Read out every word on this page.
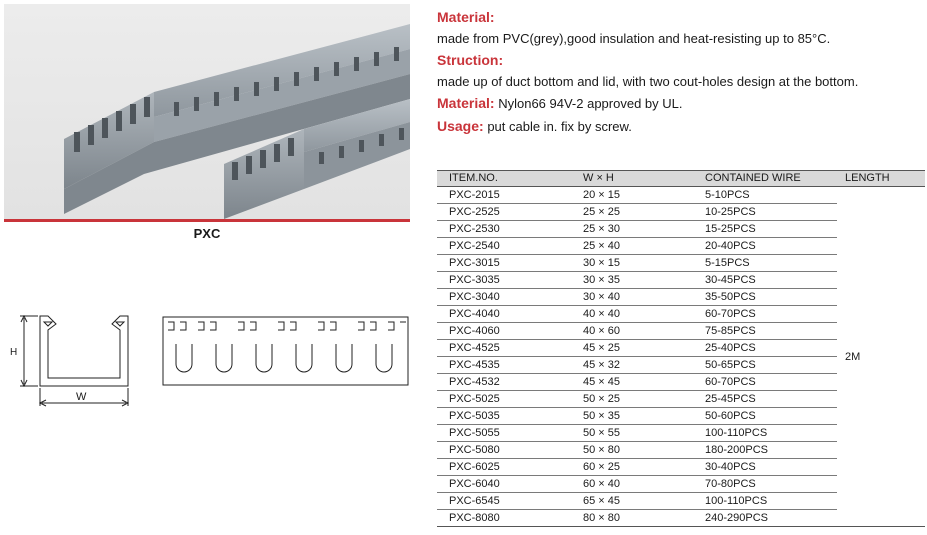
PXC
H
W
Material:
made from PVC(grey),good insulation and heat-resisting up to 85°C.
Struction:
made up of duct bottom and lid, with two cout-holes design at the bottom.
Material: Nylon66 94V-2 approved by UL.
Usage: put cable in. fix by screw.
ITEM.NO.	W × H	CONTAINED WIRE	LENGTH
PXC-2015	20 × 15	5-10PCS
PXC-2525	25 × 25	10-25PCS
PXC-2530	25 × 30	15-25PCS
PXC-2540	25 × 40	20-40PCS
PXC-3015	30 × 15	5-15PCS
PXC-3035	30 × 35	30-45PCS
PXC-3040	30 × 40	35-50PCS
PXC-4040	40 × 40	60-70PCS
PXC-4060	40 × 60	75-85PCS
PXC-4525	45 × 25	25-40PCS
PXC-4535	45 × 32	50-65PCS
PXC-4532	45 × 45	60-70PCS
PXC-5025	50 × 25	25-45PCS
PXC-5035	50 × 35	50-60PCS
PXC-5055	50 × 55	100-110PCS
PXC-5080	50 × 80	180-200PCS
PXC-6025	60 × 25	30-40PCS
PXC-6040	60 × 40	70-80PCS
PXC-6545	65 × 45	100-110PCS
PXC-8080	80 × 80	240-290PCS
2M
